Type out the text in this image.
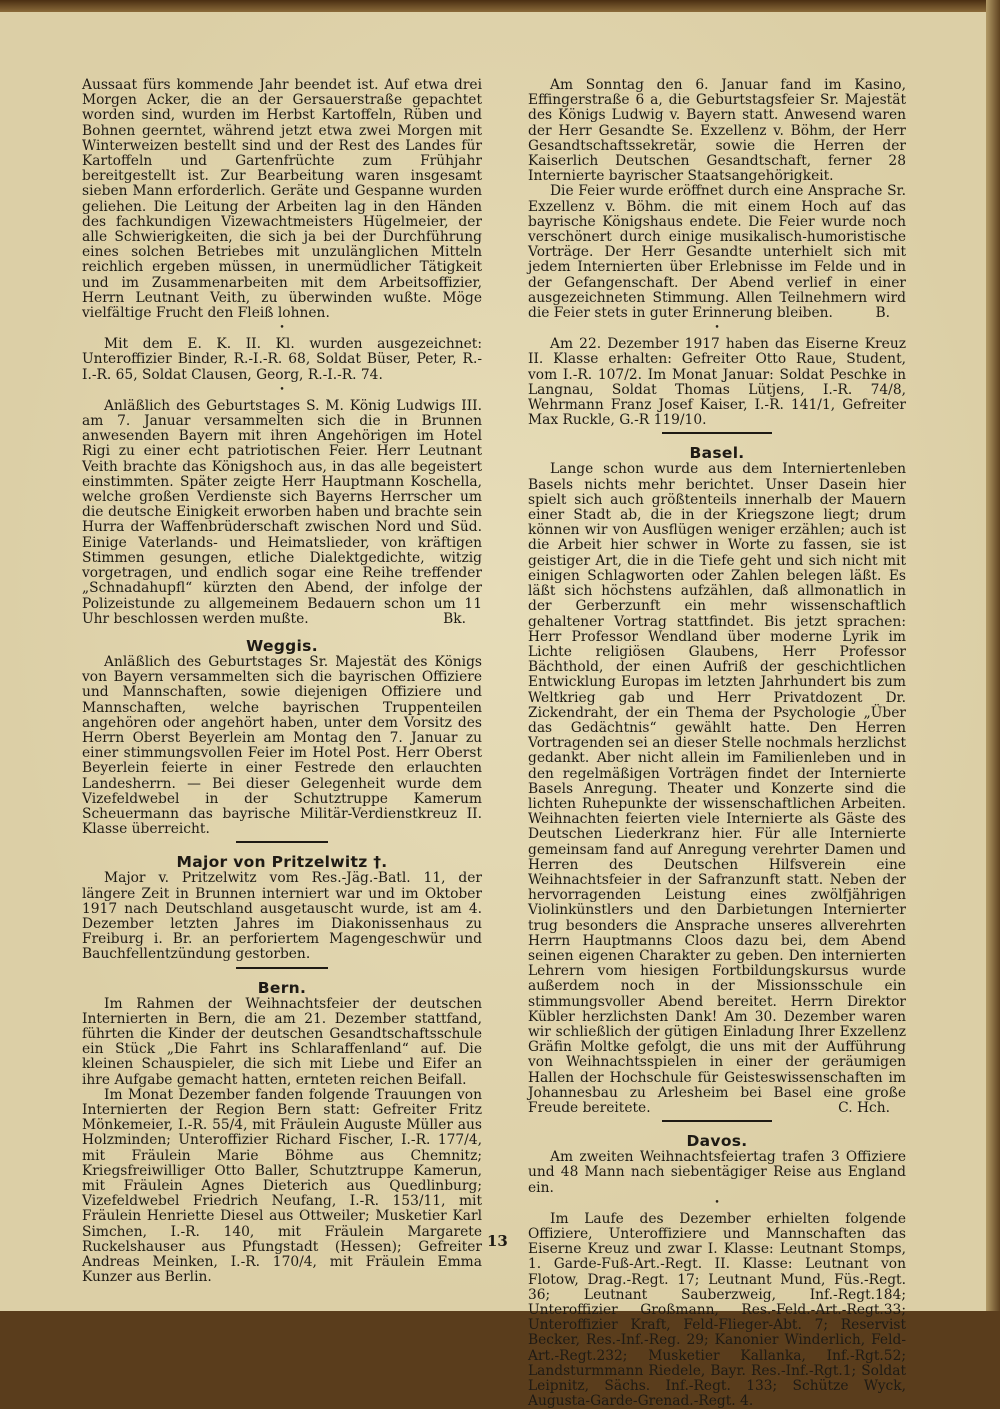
Aussaat fürs kommende Jahr beendet ist. Auf etwa drei Morgen Acker, die an der Gersauerstraße gepachtet worden sind, wurden im Herbst Kartoffeln, Rüben und Bohnen geerntet, während jetzt etwa zwei Morgen mit Winterweizen bestellt sind und der Rest des Landes für Kartoffeln und Gartenfrüchte zum Frühjahr bereitgestellt ist. Zur Bearbeitung waren insgesamt sieben Mann erforderlich. Geräte und Gespanne wurden geliehen. Die Leitung der Arbeiten lag in den Händen des fachkundigen Vizewachtmeisters Hügelmeier, der alle Schwierigkeiten, die sich ja bei der Durchführung eines solchen Betriebes mit unzulänglichen Mitteln reichlich ergeben müssen, in unermüdlicher Tätigkeit und im Zusammenarbeiten mit dem Arbeitsoffizier, Herrn Leutnant Veith, zu überwinden wußte. Möge vielfältige Frucht den Fleiß lohnen.

•

Mit dem E. K. II. Kl. wurden ausgezeichnet: Unteroffizier Binder, R.-I.-R. 68, Soldat Büser, Peter, R.-I.-R. 65, Soldat Clausen, Georg, R.-I.-R. 74.

•

Anläßlich des Geburtstages S. M. König Ludwigs III. am 7. Januar versammelten sich die in Brunnen anwesenden Bayern mit ihren Angehörigen im Hotel Rigi zu einer echt patriotischen Feier. Herr Leutnant Veith brachte das Königshoch aus, in das alle begeistert einstimmten. Später zeigte Herr Hauptmann Koschella, welche großen Verdienste sich Bayerns Herrscher um die deutsche Einigkeit erworben haben und brachte sein Hurra der Waffenbrüderschaft zwischen Nord und Süd. Einige Vaterlands- und Heimatslieder, von kräftigen Stimmen gesungen, etliche Dialektgedichte, witzig vorgetragen, und endlich sogar eine Reihe treffender „Schnadahupfl“ kürzten den Abend, der infolge der Polizeistunde zu allgemeinem Bedauern schon um 11 Uhr beschlossen werden mußte.	Bk.

Weggis.

Anläßlich des Geburtstages Sr. Majestät des Königs von Bayern versammelten sich die bayrischen Offiziere und Mannschaften, sowie diejenigen Offiziere und Mannschaften, welche bayrischen Truppenteilen angehören oder angehört haben, unter dem Vorsitz des Herrn Oberst Beyerlein am Montag den 7. Januar zu einer stimmungsvollen Feier im Hotel Post. Herr Oberst Beyerlein feierte in einer Festrede den erlauchten Landesherrn. — Bei dieser Gelegenheit wurde dem Vizefeldwebel in der Schutztruppe Kamerum Scheuermann das bayrische Militär-Verdienstkreuz II. Klasse überreicht.

Major von Pritzelwitz †.

Major v. Pritzelwitz vom Res.-Jäg.-Batl. 11, der längere Zeit in Brunnen interniert war und im Oktober 1917 nach Deutschland ausgetauscht wurde, ist am 4. Dezember letzten Jahres im Diakonissenhaus zu Freiburg i. Br. an perforiertem Magengeschwür und Bauchfellentzündung gestorben.

Bern.

Im Rahmen der Weihnachtsfeier der deutschen Internierten in Bern, die am 21. Dezember stattfand, führten die Kinder der deutschen Gesandtschaftsschule ein Stück „Die Fahrt ins Schlaraffenland“ auf. Die kleinen Schauspieler, die sich mit Liebe und Eifer an ihre Aufgabe gemacht hatten, ernteten reichen Beifall.

Im Monat Dezember fanden folgende Trauungen von Internierten der Region Bern statt: Gefreiter Fritz Mönkemeier, I.-R. 55/4, mit Fräulein Auguste Müller aus Holzminden; Unteroffizier Richard Fischer, I.-R. 177/4, mit Fräulein Marie Böhme aus Chemnitz; Kriegsfreiwilliger Otto Baller, Schutztruppe Kamerun, mit Fräulein Agnes Dieterich aus Quedlinburg; Vizefeldwebel Friedrich Neufang, I.-R. 153/11, mit Fräulein Henriette Diesel aus Ottweiler; Musketier Karl Simchen, I.-R. 140, mit Fräulein Margarete Ruckelshauser aus Pfungstadt (Hessen); Gefreiter Andreas Meinken, I.-R. 170/4, mit Fräulein Emma Kunzer aus Berlin.

Am Sonntag den 6. Januar fand im Kasino, Effingerstraße 6 a, die Geburtstagsfeier Sr. Majestät des Königs Ludwig v. Bayern statt. Anwesend waren der Herr Gesandte Se. Exzellenz v. Böhm, der Herr Gesandtschaftssekretär, sowie die Herren der Kaiserlich Deutschen Gesandtschaft, ferner 28 Internierte bayrischer Staatsangehörigkeit.

Die Feier wurde eröffnet durch eine Ansprache Sr. Exzellenz v. Böhm. die mit einem Hoch auf das bayrische Königshaus endete. Die Feier wurde noch verschönert durch einige musikalisch-humoristische Vorträge. Der Herr Gesandte unterhielt sich mit jedem Internierten über Erlebnisse im Felde und in der Gefangenschaft. Der Abend verlief in einer ausgezeichneten Stimmung. Allen Teilnehmern wird die Feier stets in guter Erinnerung bleiben.	B.

•

Am 22. Dezember 1917 haben das Eiserne Kreuz II. Klasse erhalten: Gefreiter Otto Raue, Student, vom I.-R. 107/2. Im Monat Januar: Soldat Peschke in Langnau, Soldat Thomas Lütjens, I.-R. 74/8, Wehrmann Franz Josef Kaiser, I.-R. 141/1, Gefreiter Max Ruckle, G.-R 119/10.

Basel.

Lange schon wurde aus dem Interniertenleben Basels nichts mehr berichtet. Unser Dasein hier spielt sich auch größtenteils innerhalb der Mauern einer Stadt ab, die in der Kriegszone liegt; drum können wir von Ausflügen weniger erzählen; auch ist die Arbeit hier schwer in Worte zu fassen, sie ist geistiger Art, die in die Tiefe geht und sich nicht mit einigen Schlagworten oder Zahlen belegen läßt. Es läßt sich höchstens aufzählen, daß allmonatlich in der Gerberzunft ein mehr wissenschaftlich gehaltener Vortrag stattfindet. Bis jetzt sprachen: Herr Professor Wendland über moderne Lyrik im Lichte religiösen Glaubens, Herr Professor Bächthold, der einen Aufriß der geschichtlichen Entwicklung Europas im letzten Jahrhundert bis zum Weltkrieg gab und Herr Privatdozent Dr. Zickendraht, der ein Thema der Psychologie „Über das Gedächtnis“ gewählt hatte. Den Herren Vortragenden sei an dieser Stelle nochmals herzlichst gedankt. Aber nicht allein im Familienleben und in den regelmäßigen Vorträgen findet der Internierte Basels Anregung. Theater und Konzerte sind die lichten Ruhepunkte der wissenschaftlichen Arbeiten. Weihnachten feierten viele Internierte als Gäste des Deutschen Liederkranz hier. Für alle Internierte gemeinsam fand auf Anregung verehrter Damen und Herren des Deutschen Hilfsverein eine Weihnachtsfeier in der Safranzunft statt. Neben der hervorragenden Leistung eines zwölfjährigen Violinkünstlers und den Darbietungen Internierter trug besonders die Ansprache unseres allverehrten Herrn Hauptmanns Cloos dazu bei, dem Abend seinen eigenen Charakter zu geben. Den internierten Lehrern vom hiesigen Fortbildungskursus wurde außerdem noch in der Missionsschule ein stimmungsvoller Abend bereitet. Herrn Direktor Kübler herzlichsten Dank! Am 30. Dezember waren wir schließlich der gütigen Einladung Ihrer Exzellenz Gräfin Moltke gefolgt, die uns mit der Aufführung von Weihnachtsspielen in einer der geräumigen Hallen der Hochschule für Geisteswissenschaften im Johannesbau zu Arlesheim bei Basel eine große Freude bereitete.	C. Hch.

Davos.

Am zweiten Weihnachtsfeiertag trafen 3 Offiziere und 48 Mann nach siebentägiger Reise aus England ein.

•

Im Laufe des Dezember erhielten folgende Offiziere, Unteroffiziere und Mannschaften das Eiserne Kreuz und zwar I. Klasse: Leutnant Stomps, 1. Garde-Fuß-Art.-Regt. II. Klasse: Leutnant von Flotow, Drag.-Regt. 17; Leutnant Mund, Füs.-Regt. 36; Leutnant Sauberzweig, Inf.-Regt.184; Unteroffizier Großmann, Res.-Feld.-Art.-Regt.33; Unteroffizier Kraft, Feld-Flieger-Abt. 7; Reservist Becker, Res.-Inf.-Reg. 29; Kanonier Winderlich, Feld-Art.-Regt.232; Musketier Kallanka, Inf.-Rgt.52; Landsturmmann Riedele, Bayr. Res.-Inf.-Rgt.1; Soldat Leipnitz, Sächs. Inf.-Regt. 133; Schütze Wyck, Augusta-Garde-Grenad.-Regt. 4.

13
